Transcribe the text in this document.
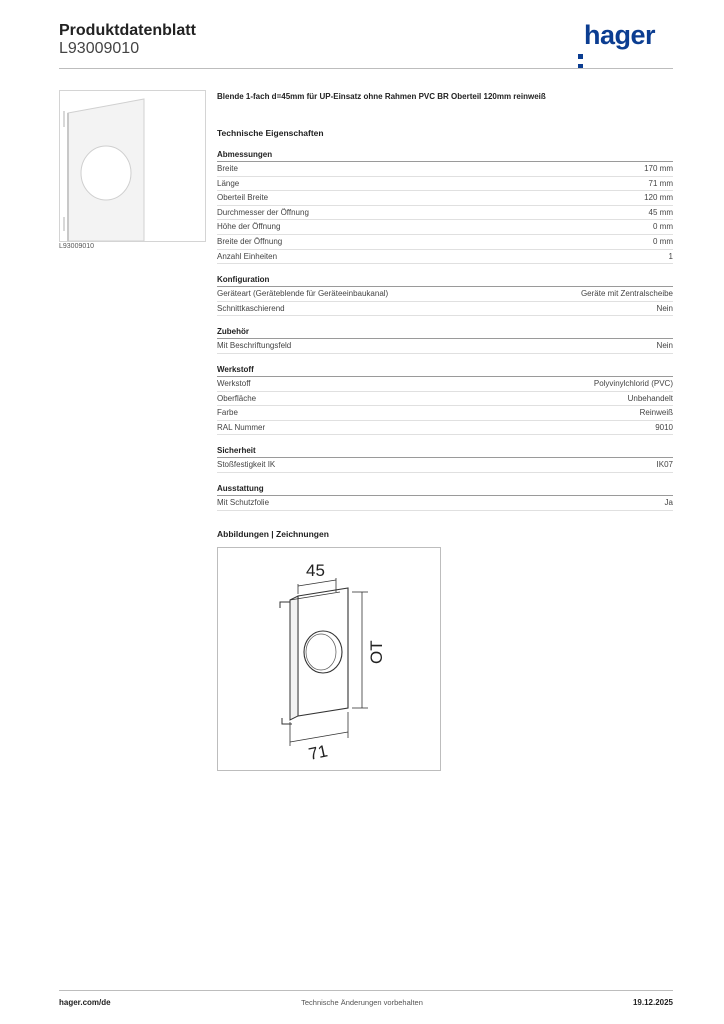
Produktdatenblatt
L93009010	hager
L93009010
Blende 1-fach d=45mm für UP-Einsatz ohne Rahmen PVC BR Oberteil 120mm reinweiß
Technische Eigenschaften
Abmessungen
Breite	170 mm
Länge	71 mm
Oberteil Breite	120 mm
Durchmesser der Öffnung	45 mm
Höhe der Öffnung	0 mm
Breite der Öffnung	0 mm
Anzahl Einheiten	1
Konfiguration
Geräteart (Geräteblende für Geräteeinbaukanal)	Geräte mit Zentralscheibe
Schnittkaschierend	Nein
Zubehör
Mit Beschriftungsfeld	Nein
Werkstoff
Werkstoff	Polyvinylchlorid (PVC)
Oberfläche	Unbehandelt
Farbe	Reinweiß
RAL Nummer	9010
Sicherheit
Stoßfestigkeit IK	IK07
Ausstattung
Mit Schutzfolie	Ja
Abbildungen | Zeichnungen
45
OT
71
hager.com/de	Technische Änderungen vorbehalten	19.12.2025
